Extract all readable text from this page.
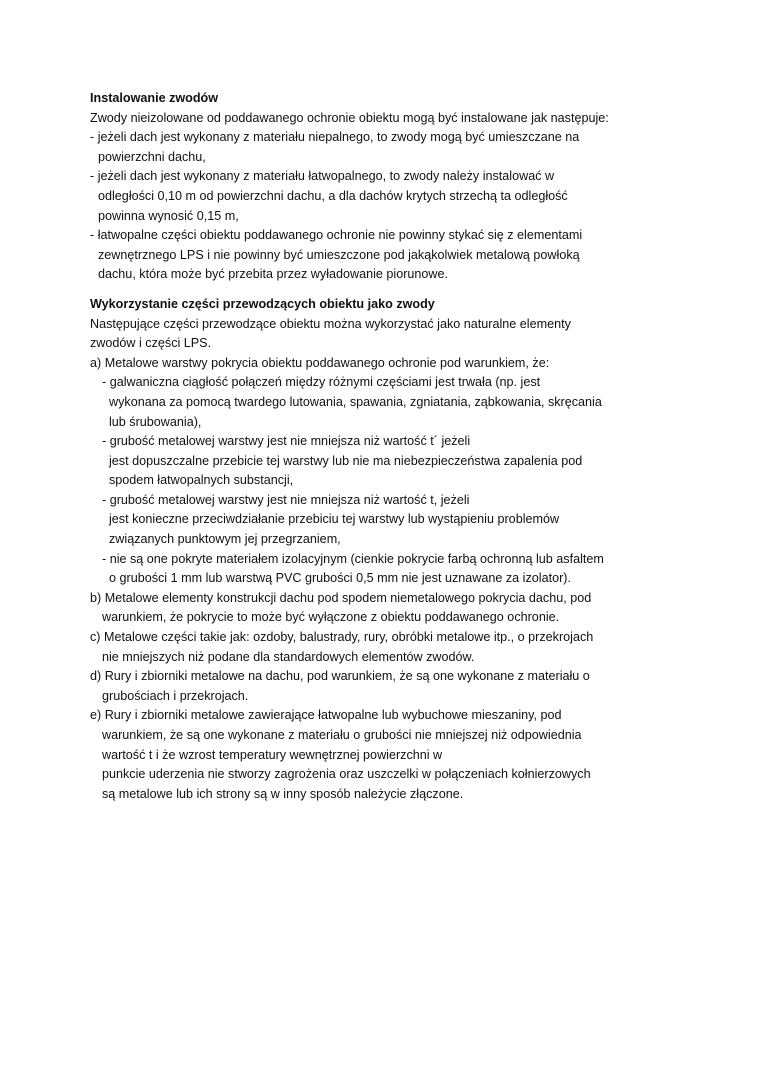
Instalowanie zwodów
Zwody nieizolowane od poddawanego ochronie obiektu mogą być instalowane jak następuje:
- jeżeli dach jest wykonany z materiału niepalnego, to zwody mogą być umieszczane na
powierzchni dachu,
- jeżeli dach jest wykonany z materiału łatwopalnego, to zwody należy instalować w
odległości 0,10 m od powierzchni dachu, a dla dachów krytych strzechą ta odległość
powinna wynosić 0,15 m,
- łatwopalne części obiektu poddawanego ochronie nie powinny stykać się z elementami
zewnętrznego LPS i nie powinny być umieszczone pod jakąkolwiek metalową powłoką
dachu, która może być przebita przez wyładowanie piorunowe.
Wykorzystanie części przewodzących obiektu jako zwody
Następujące części przewodzące obiektu można wykorzystać jako naturalne elementy
zwodów i części LPS.
a) Metalowe warstwy pokrycia obiektu poddawanego ochronie pod warunkiem, że:
- galwaniczna ciągłość połączeń między różnymi częściami jest trwała (np. jest
wykonana za pomocą twardego lutowania, spawania, zgniatania, ząbkowania, skręcania
lub śrubowania),
- grubość metalowej warstwy jest nie mniejsza niż wartość t´ jeżeli
jest dopuszczalne przebicie tej warstwy lub nie ma niebezpieczeństwa zapalenia pod
spodem łatwopalnych substancji,
- grubość metalowej warstwy jest nie mniejsza niż wartość t, jeżeli
jest konieczne przeciwdziałanie przebiciu tej warstwy lub wystąpieniu problemów
związanych punktowym jej przegrzaniem,
- nie są one pokryte materiałem izolacyjnym (cienkie pokrycie farbą ochronną lub asfaltem
o grubości 1 mm lub warstwą PVC grubości 0,5 mm nie jest uznawane za izolator).
b) Metalowe elementy konstrukcji dachu pod spodem niemetalowego pokrycia dachu, pod
warunkiem, że pokrycie to może być wyłączone z obiektu poddawanego ochronie.
c) Metalowe części takie jak: ozdoby, balustrady, rury, obróbki metalowe itp., o przekrojach
nie mniejszych niż podane dla standardowych elementów zwodów.
d) Rury i zbiorniki metalowe na dachu, pod warunkiem, że są one wykonane z materiału o
grubościach i przekrojach.
e) Rury i zbiorniki metalowe zawierające łatwopalne lub wybuchowe mieszaniny, pod
warunkiem, że są one wykonane z materiału o grubości nie mniejszej niż odpowiednia
wartość t i że wzrost temperatury wewnętrznej powierzchni w
punkcie uderzenia nie stworzy zagrożenia oraz uszczelki w połączeniach kołnierzowych
są metalowe lub ich strony są w inny sposób należycie złączone.
